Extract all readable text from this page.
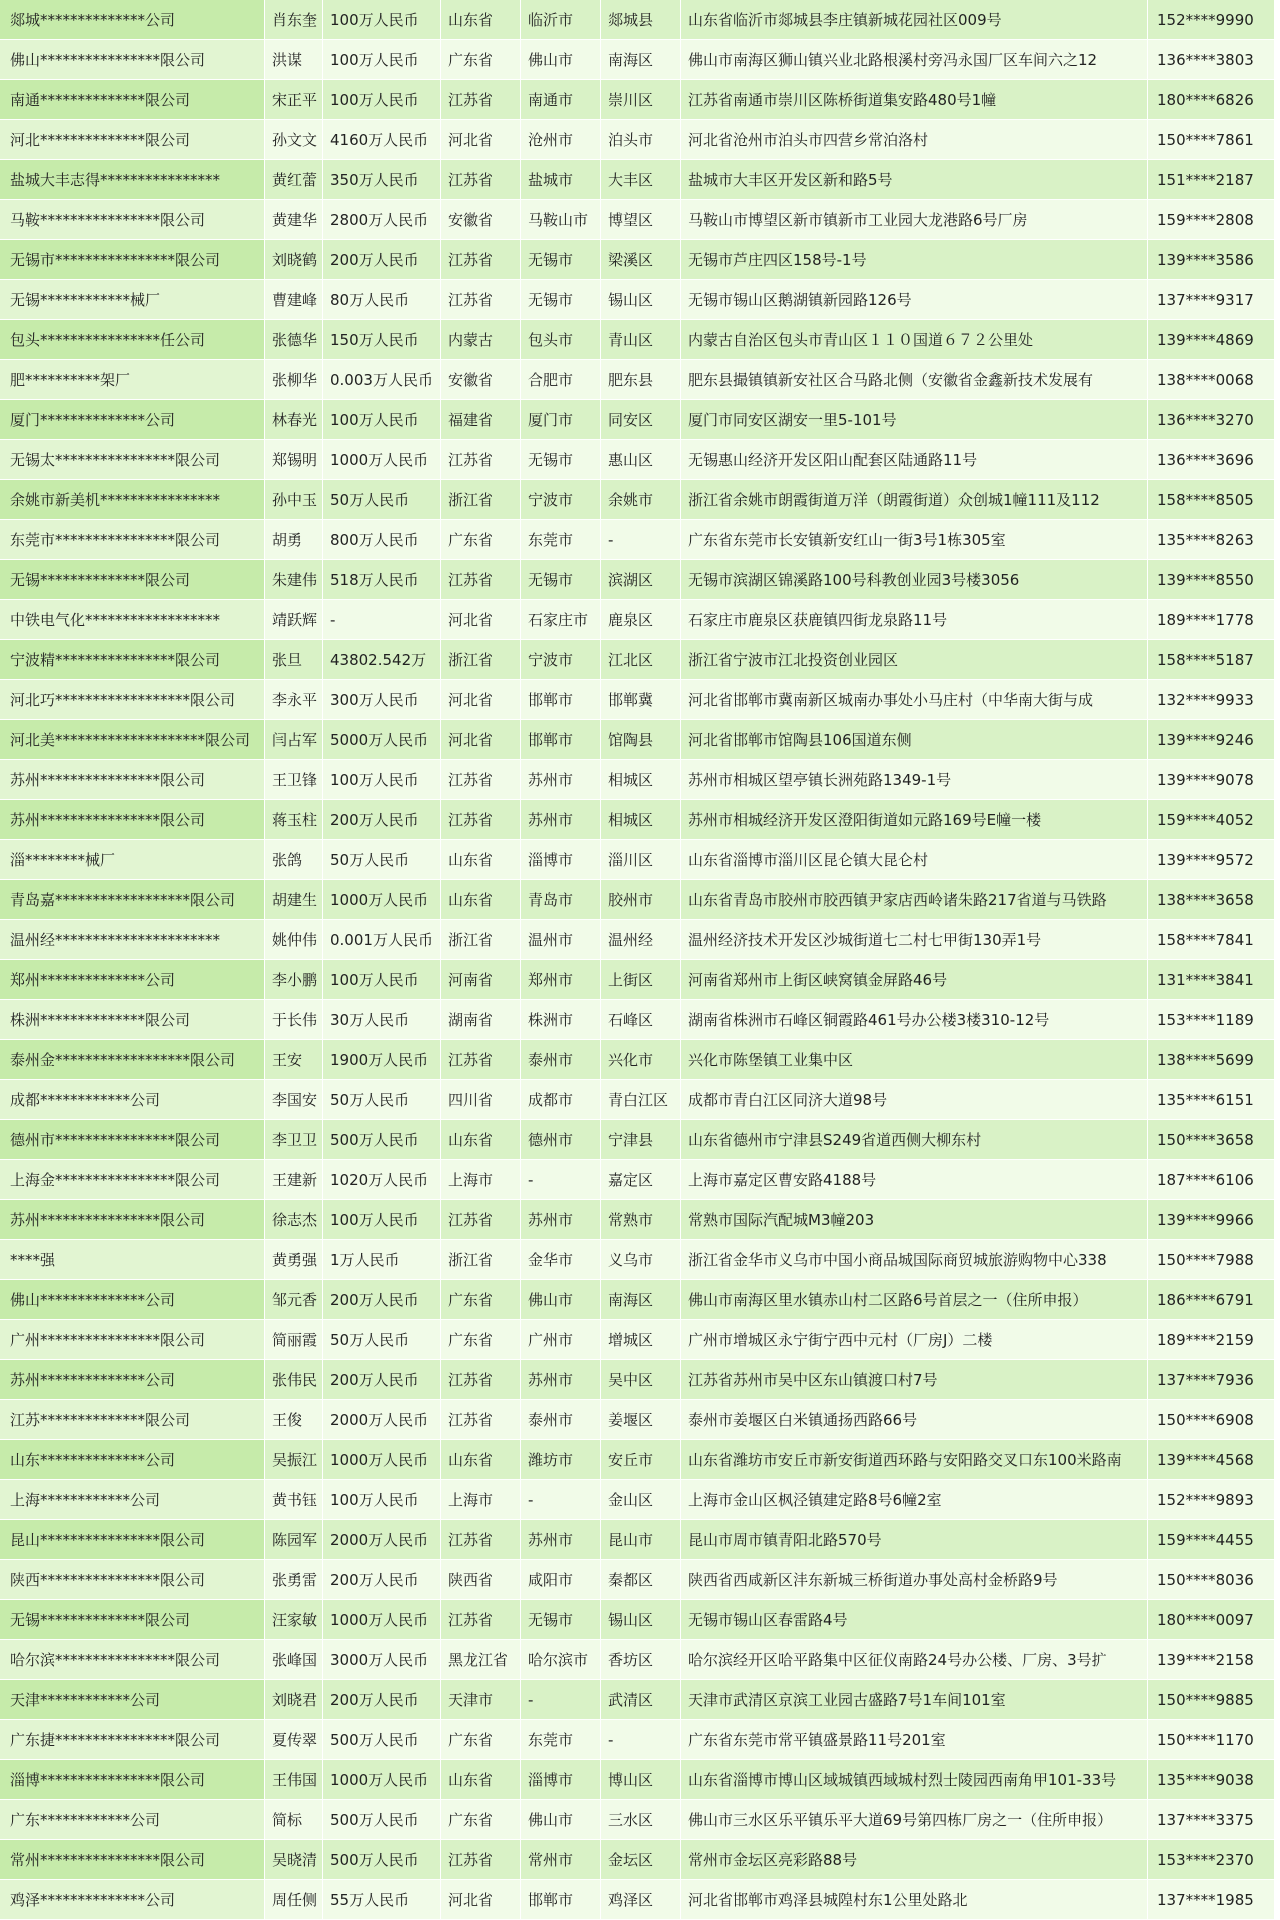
郯城**************公司	肖东奎	100万人民币	山东省	临沂市	郯城县	山东省临沂市郯城县李庄镇新城花园社区009号	152****9990
佛山****************限公司	洪谋	100万人民币	广东省	佛山市	南海区	佛山市南海区狮山镇兴业北路根溪村旁冯永国厂区车间六之12	136****3803
南通**************限公司	宋正平	100万人民币	江苏省	南通市	崇川区	江苏省南通市崇川区陈桥街道集安路480号1幢	180****6826
河北**************限公司	孙文文	4160万人民币	河北省	沧州市	泊头市	河北省沧州市泊头市四营乡常泊洛村	150****7861
盐城大丰志得****************	黄红蕾	350万人民币	江苏省	盐城市	大丰区	盐城市大丰区开发区新和路5号	151****2187
马鞍****************限公司	黄建华	2800万人民币	安徽省	马鞍山市	博望区	马鞍山市博望区新市镇新市工业园大龙港路6号厂房	159****2808
无锡市****************限公司	刘晓鹤	200万人民币	江苏省	无锡市	梁溪区	无锡市芦庄四区158号-1号	139****3586
无锡************械厂	曹建峰	80万人民币	江苏省	无锡市	锡山区	无锡市锡山区鹅湖镇新园路126号	137****9317
包头****************任公司	张德华	150万人民币	内蒙古	包头市	青山区	内蒙古自治区包头市青山区１１０国道６７２公里处	139****4869
肥**********架厂	张柳华	0.003万人民币	安徽省	合肥市	肥东县	肥东县撮镇镇新安社区合马路北侧（安徽省金鑫新技术发展有	138****0068
厦门**************公司	林春光	100万人民币	福建省	厦门市	同安区	厦门市同安区湖安一里5-101号	136****3270
无锡太****************限公司	郑锡明	1000万人民币	江苏省	无锡市	惠山区	无锡惠山经济开发区阳山配套区陆通路11号	136****3696
余姚市新美机****************	孙中玉	50万人民币	浙江省	宁波市	余姚市	浙江省余姚市朗霞街道万洋（朗霞街道）众创城1幢111及112	158****8505
东莞市****************限公司	胡勇	800万人民币	广东省	东莞市	-	广东省东莞市长安镇新安红山一街3号1栋305室	135****8263
无锡**************限公司	朱建伟	518万人民币	江苏省	无锡市	滨湖区	无锡市滨湖区锦溪路100号科教创业园3号楼3056	139****8550
中铁电气化******************	靖跃辉	-	河北省	石家庄市	鹿泉区	石家庄市鹿泉区获鹿镇四街龙泉路11号	189****1778
宁波精****************限公司	张旦	43802.542万	浙江省	宁波市	江北区	浙江省宁波市江北投资创业园区	158****5187
河北巧******************限公司	李永平	300万人民币	河北省	邯郸市	邯郸冀	河北省邯郸市冀南新区城南办事处小马庄村（中华南大街与成	132****9933
河北美********************限公司	闫占军	5000万人民币	河北省	邯郸市	馆陶县	河北省邯郸市馆陶县106国道东侧	139****9246
苏州****************限公司	王卫锋	100万人民币	江苏省	苏州市	相城区	苏州市相城区望亭镇长洲苑路1349-1号	139****9078
苏州****************限公司	蒋玉柱	200万人民币	江苏省	苏州市	相城区	苏州市相城经济开发区澄阳街道如元路169号E幢一楼	159****4052
淄********械厂	张鸽	50万人民币	山东省	淄博市	淄川区	山东省淄博市淄川区昆仑镇大昆仑村	139****9572
青岛嘉******************限公司	胡建生	1000万人民币	山东省	青岛市	胶州市	山东省青岛市胶州市胶西镇尹家店西岭诸朱路217省道与马铁路	138****3658
温州经**********************	姚仲伟	0.001万人民币	浙江省	温州市	温州经	温州经济技术开发区沙城街道七二村七甲街130弄1号	158****7841
郑州**************公司	李小鹏	100万人民币	河南省	郑州市	上街区	河南省郑州市上街区峡窝镇金屏路46号	131****3841
株洲**************限公司	于长伟	30万人民币	湖南省	株洲市	石峰区	湖南省株洲市石峰区铜霞路461号办公楼3楼310-12号	153****1189
泰州金******************限公司	王安	1900万人民币	江苏省	泰州市	兴化市	兴化市陈堡镇工业集中区	138****5699
成都************公司	李国安	50万人民币	四川省	成都市	青白江区	成都市青白江区同济大道98号	135****6151
德州市****************限公司	李卫卫	500万人民币	山东省	德州市	宁津县	山东省德州市宁津县S249省道西侧大柳东村	150****3658
上海金****************限公司	王建新	1020万人民币	上海市	-	嘉定区	上海市嘉定区曹安路4188号	187****6106
苏州****************限公司	徐志杰	100万人民币	江苏省	苏州市	常熟市	常熟市国际汽配城M3幢203	139****9966
****强	黄勇强	1万人民币	浙江省	金华市	义乌市	浙江省金华市义乌市中国小商品城国际商贸城旅游购物中心338	150****7988
佛山**************公司	邹元香	200万人民币	广东省	佛山市	南海区	佛山市南海区里水镇赤山村二区路6号首层之一（住所申报）	186****6791
广州****************限公司	简丽霞	50万人民币	广东省	广州市	增城区	广州市增城区永宁街宁西中元村（厂房J）二楼	189****2159
苏州**************公司	张伟民	200万人民币	江苏省	苏州市	吴中区	江苏省苏州市吴中区东山镇渡口村7号	137****7936
江苏**************限公司	王俊	2000万人民币	江苏省	泰州市	姜堰区	泰州市姜堰区白米镇通扬西路66号	150****6908
山东**************公司	吴振江	1000万人民币	山东省	潍坊市	安丘市	山东省潍坊市安丘市新安街道西环路与安阳路交叉口东100米路南	139****4568
上海************公司	黄书钰	100万人民币	上海市	-	金山区	上海市金山区枫泾镇建定路8号6幢2室	152****9893
昆山****************限公司	陈园军	2000万人民币	江苏省	苏州市	昆山市	昆山市周市镇青阳北路570号	159****4455
陕西****************限公司	张勇雷	200万人民币	陕西省	咸阳市	秦都区	陕西省西咸新区沣东新城三桥街道办事处高村金桥路9号	150****8036
无锡**************限公司	汪家敏	1000万人民币	江苏省	无锡市	锡山区	无锡市锡山区春雷路4号	180****0097
哈尔滨****************限公司	张峰国	3000万人民币	黑龙江省	哈尔滨市	香坊区	哈尔滨经开区哈平路集中区征仪南路24号办公楼、厂房、3号扩	139****2158
天津************公司	刘晓君	200万人民币	天津市	-	武清区	天津市武清区京滨工业园古盛路7号1车间101室	150****9885
广东捷****************限公司	夏传翠	500万人民币	广东省	东莞市	-	广东省东莞市常平镇盛景路11号201室	150****1170
淄博****************限公司	王伟国	1000万人民币	山东省	淄博市	博山区	山东省淄博市博山区域城镇西域城村烈士陵园西南角甲101-33号	135****9038
广东************公司	简标	500万人民币	广东省	佛山市	三水区	佛山市三水区乐平镇乐平大道69号第四栋厂房之一（住所申报）	137****3375
常州****************限公司	吴晓清	500万人民币	江苏省	常州市	金坛区	常州市金坛区亮彩路88号	153****2370
鸡泽**************公司	周任侧	55万人民币	河北省	邯郸市	鸡泽区	河北省邯郸市鸡泽县城隍村东1公里处路北	137****1985
